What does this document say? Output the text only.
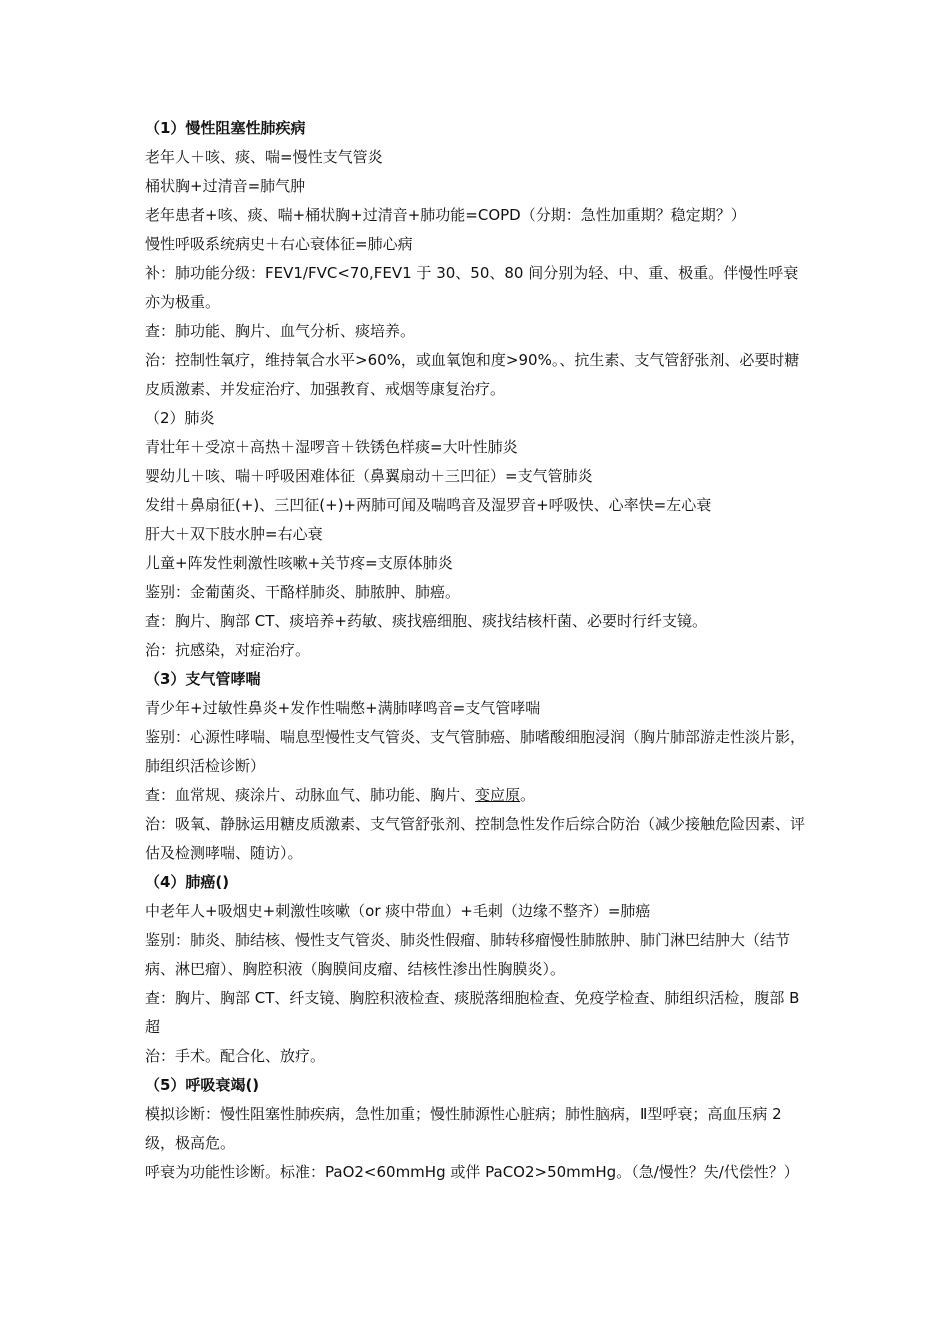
（1）慢性阻塞性肺疾病

老年人＋咳、痰、喘=慢性支气管炎

桶状胸+过清音=肺气肿

老年患者+咳、痰、喘+桶状胸+过清音+肺功能=COPD（分期：急性加重期？稳定期？）

慢性呼吸系统病史＋右心衰体征=肺心病

补：肺功能分级：FEV1/FVC<70,FEV1 于 30、50、80 间分别为轻、中、重、极重。伴慢性呼衰亦为极重。

查：肺功能、胸片、血气分析、痰培养。

治：控制性氧疗，维持氧合水平>60%，或血氧饱和度>90%。、抗生素、支气管舒张剂、必要时糖皮质激素、并发症治疗、加强教育、戒烟等康复治疗。

（2）肺炎

青壮年＋受凉＋高热＋湿啰音＋铁锈色样痰=大叶性肺炎

婴幼儿＋咳、喘＋呼吸困难体征（鼻翼扇动＋三凹征）=支气管肺炎

发绀＋鼻扇征(+)、三凹征(+)+两肺可闻及喘鸣音及湿罗音+呼吸快、心率快=左心衰

肝大＋双下肢水肿=右心衰

儿童+阵发性刺激性咳嗽+关节疼=支原体肺炎

鉴别：金葡菌炎、干酪样肺炎、肺脓肿、肺癌。

查：胸片、胸部 CT、痰培养+药敏、痰找癌细胞、痰找结核杆菌、必要时行纤支镜。

治：抗感染，对症治疗。

（3）支气管哮喘

青少年+过敏性鼻炎+发作性喘憋+满肺哮鸣音=支气管哮喘

鉴别：心源性哮喘、喘息型慢性支气管炎、支气管肺癌、肺嗜酸细胞浸润（胸片肺部游走性淡片影，肺组织活检诊断）

查：血常规、痰涂片、动脉血气、肺功能、胸片、变应原。

治：吸氧、静脉运用糖皮质激素、支气管舒张剂、控制急性发作后综合防治（减少接触危险因素、评估及检测哮喘、随访）。

（4）肺癌()

中老年人+吸烟史+刺激性咳嗽（or 痰中带血）+毛刺（边缘不整齐）=肺癌

鉴别：肺炎、肺结核、慢性支气管炎、肺炎性假瘤、肺转移瘤慢性肺脓肿、肺门淋巴结肿大（结节病、淋巴瘤）、胸腔积液（胸膜间皮瘤、结核性渗出性胸膜炎）。

查：胸片、胸部 CT、纤支镜、胸腔积液检查、痰脱落细胞检查、免疫学检查、肺组织活检，腹部 B 超

治：手术。配合化、放疗。

（5）呼吸衰竭()

模拟诊断：慢性阻塞性肺疾病，急性加重；慢性肺源性心脏病；肺性脑病，Ⅱ型呼衰；高血压病 2 级，极高危。

呼衰为功能性诊断。标准：PaO2<60mmHg 或伴 PaCO2>50mmHg。（急/慢性？失/代偿性？）
